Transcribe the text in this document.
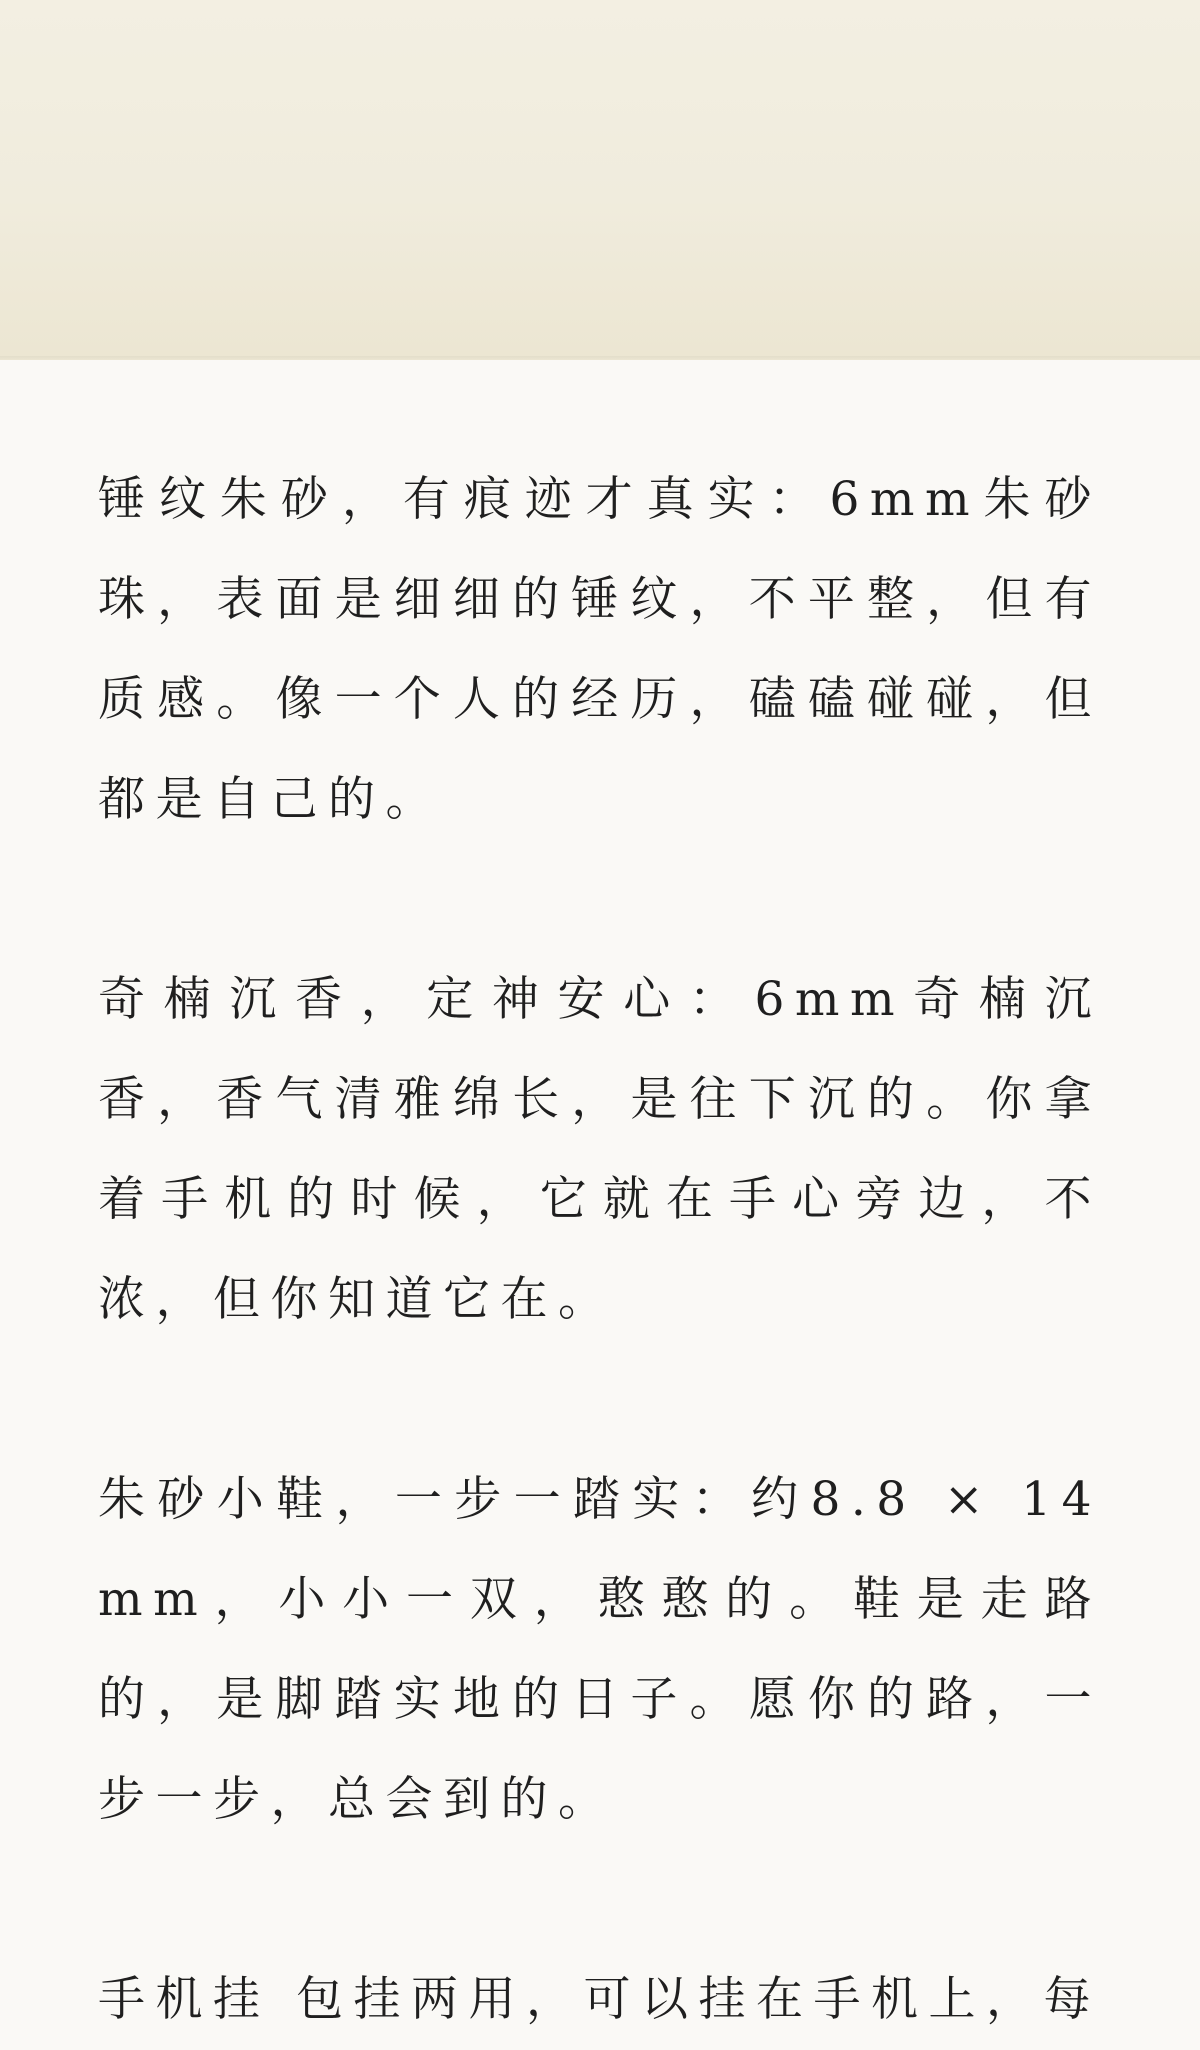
锤纹朱砂，有痕迹才真实：6mm朱砂珠，表面是细细的锤纹，不平整，但有质感。像一个人的经历，磕磕碰碰，但都是自己的。

奇楠沉香，定神安心：6mm奇楠沉香，香气清雅绵长，是往下沉的。你拿着手机的时候，它就在手心旁边，不浓，但你知道它在。

朱砂小鞋，一步一踏实：约8.8 × 14mm，小小一双，憨憨的。鞋是走路的，是脚踏实地的日子。愿你的路，一步一步，总会到的。

手机挂 包挂两用，可以挂在手机上，每
